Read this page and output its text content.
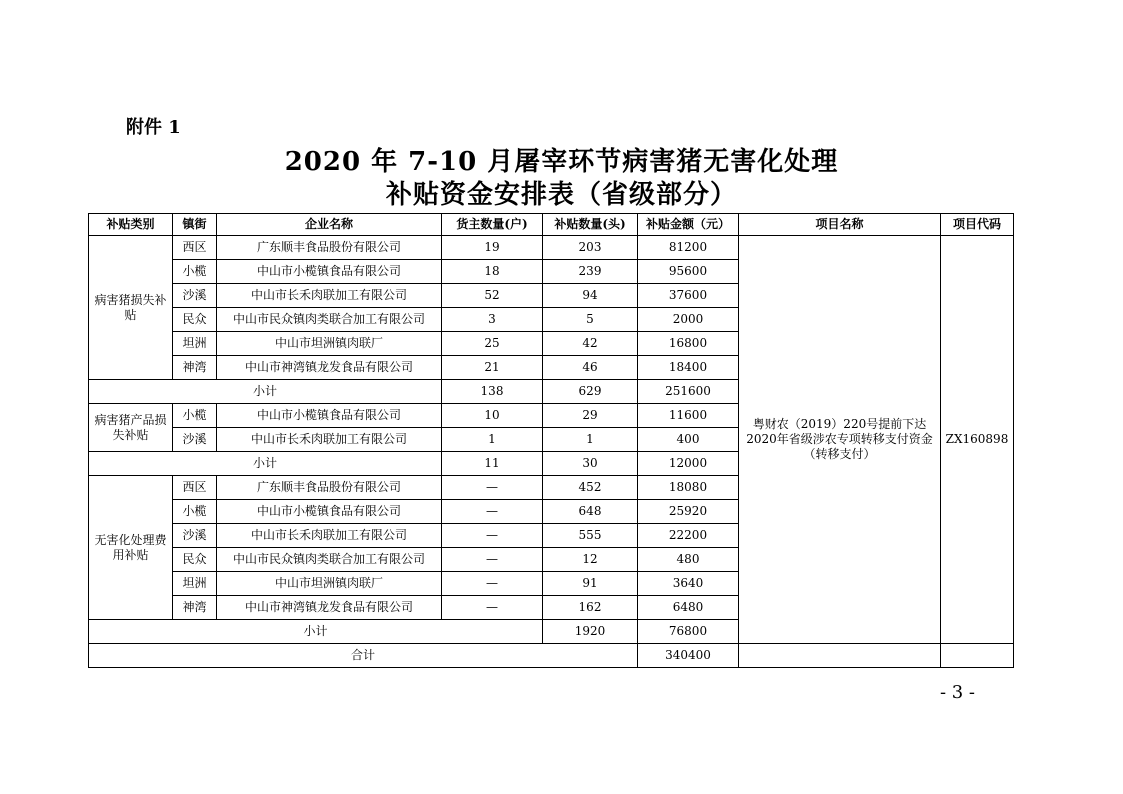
附件 1
2020 年 7-10 月屠宰环节病害猪无害化处理
补贴资金安排表（省级部分）
补贴类别	镇街	企业名称	货主数量(户)	补贴数量(头)	补贴金额（元）	项目名称	项目代码	
病害猪损失补贴	西区	广东顺丰食品股份有限公司	19	203	81200	粤财农（2019）220号提前下达2020年省级涉农专项转移支付资金（转移支付）	ZX160898	
	小榄	中山市小榄镇食品有限公司	18	239	95600			
	沙溪	中山市长禾肉联加工有限公司	52	94	37600			
	民众	中山市民众镇肉类联合加工有限公司	3	5	2000			
	坦洲	中山市坦洲镇肉联厂	25	42	16800			
	神湾	中山市神湾镇龙发食品有限公司	21	46	18400			
小计			138	629	251600			
病害猪产品损失补贴	小榄	中山市小榄镇食品有限公司	10	29	11600			
	沙溪	中山市长禾肉联加工有限公司	1	1	400			
小计			11	30	12000			
无害化处理费用补贴	西区	广东顺丰食品股份有限公司	—	452	18080			
	小榄	中山市小榄镇食品有限公司	—	648	25920			
	沙溪	中山市长禾肉联加工有限公司	—	555	22200			
	民众	中山市民众镇肉类联合加工有限公司	—	12	480			
	坦洲	中山市坦洲镇肉联厂	—	91	3640			
	神湾	中山市神湾镇龙发食品有限公司	—	162	6480			
小计				1920	76800		
合计					340400			
- 3 -
